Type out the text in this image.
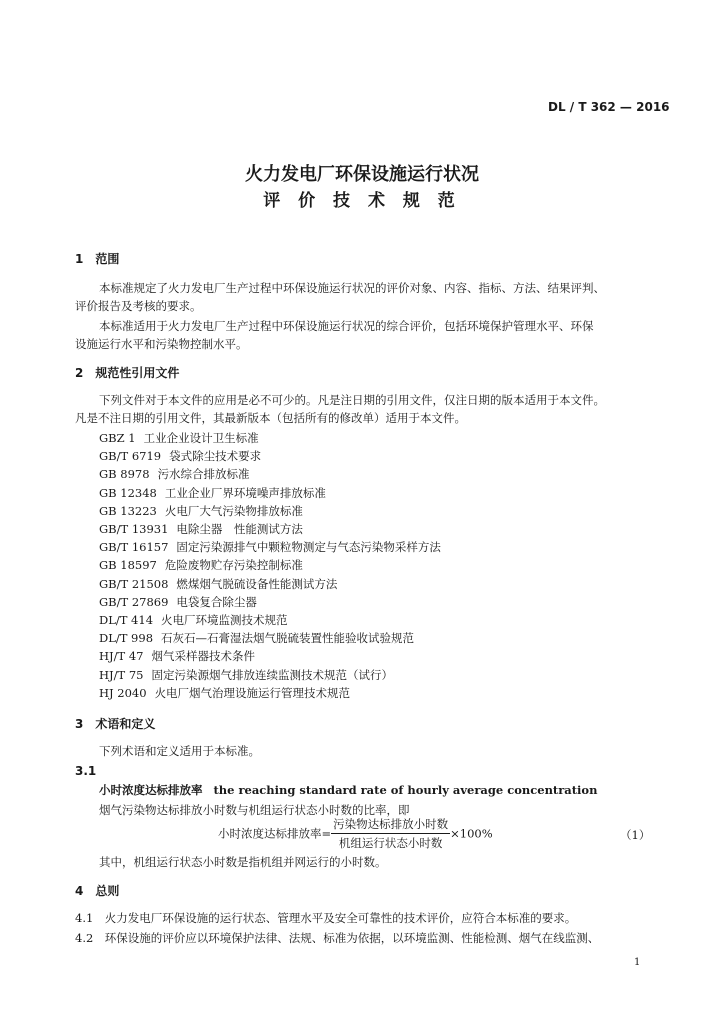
DL / T 362 — 2016
火力发电厂环保设施运行状况
评 价 技 术 规 范
1　范围
本标准规定了火力发电厂生产过程中环保设施运行状况的评价对象、内容、指标、方法、结果评判、
评价报告及考核的要求。
本标准适用于火力发电厂生产过程中环保设施运行状况的综合评价，包括环境保护管理水平、环保
设施运行水平和污染物控制水平。
2　规范性引用文件
下列文件对于本文件的应用是必不可少的。凡是注日期的引用文件，仅注日期的版本适用于本文件。
凡是不注日期的引用文件，其最新版本（包括所有的修改单）适用于本文件。
GBZ 1 工业企业设计卫生标准
GB/T 6719 袋式除尘技术要求
GB 8978 污水综合排放标准
GB 12348 工业企业厂界环境噪声排放标准
GB 13223 火电厂大气污染物排放标准
GB/T 13931 电除尘器　性能测试方法
GB/T 16157 固定污染源排气中颗粒物测定与气态污染物采样方法
GB 18597 危险废物贮存污染控制标准
GB/T 21508 燃煤烟气脱硫设备性能测试方法
GB/T 27869 电袋复合除尘器
DL/T 414 火电厂环境监测技术规范
DL/T 998 石灰石—石膏湿法烟气脱硫装置性能验收试验规范
HJ/T 47 烟气采样器技术条件
HJ/T 75 固定污染源烟气排放连续监测技术规范（试行）
HJ 2040 火电厂烟气治理设施运行管理技术规范
3　术语和定义
下列术语和定义适用于本标准。
3.1
小时浓度达标排放率 the reaching standard rate of hourly average concentration
烟气污染物达标排放小时数与机组运行状态小时数的比率，即
小时浓度达标排放率= $\frac{\text{污染物达标排放小时数}}{\text{机组运行状态小时数}} \times 100\%$	（1）
其中，机组运行状态小时数是指机组并网运行的小时数。
4　总则
4.1　火力发电厂环保设施的运行状态、管理水平及安全可靠性的技术评价，应符合本标准的要求。
4.2　环保设施的评价应以环境保护法律、法规、标准为依据，以环境监测、性能检测、烟气在线监测、
1
